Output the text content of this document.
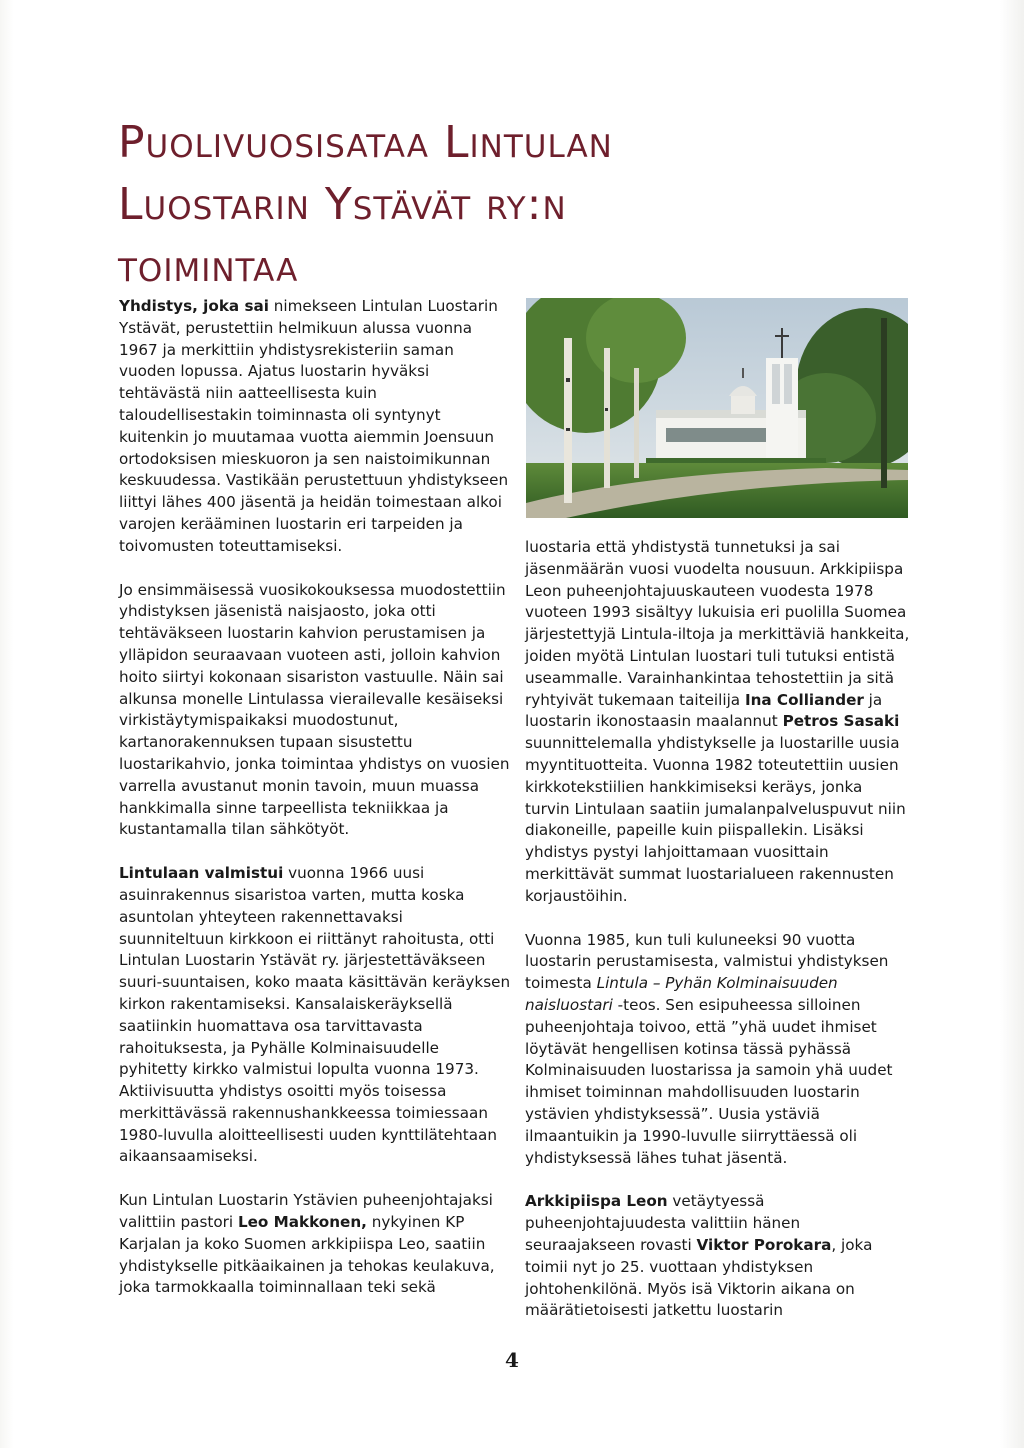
Puolivuosisataa Lintulan
Luostarin Ystävät ry:n
toimintaa

Yhdistys, joka sai nimekseen Lintulan Luostarin Ystävät, perustettiin helmikuun alussa vuonna 1967 ja merkittiin yhdistysrekisteriin saman vuoden lopussa. Ajatus luostarin hyväksi tehtävästä niin aatteellisesta kuin taloudellisestakin toiminnasta oli syntynyt kuitenkin jo muutamaa vuotta aiemmin Joensuun ortodoksisen mieskuoron ja sen naistoimikunnan keskuudessa. Vastikään perustettuun yhdistykseen liittyi lähes 400 jäsentä ja heidän toimestaan alkoi varojen kerääminen luostarin eri tarpeiden ja toivomusten toteuttamiseksi.

Jo ensimmäisessä vuosikokouksessa muodostettiin yhdistyksen jäsenistä naisjaosto, joka otti tehtäväkseen luostarin kahvion perustamisen ja ylläpidon seuraavaan vuoteen asti, jolloin kahvion hoito siirtyi kokonaan sisariston vastuulle. Näin sai alkunsa monelle Lintulassa vierailevalle kesäiseksi virkistäytymispaikaksi muodostunut, kartanorakennuksen tupaan sisustettu luostarikahvio, jonka toimintaa yhdistys on vuosien varrella avustanut monin tavoin, muun muassa hankkimalla sinne tarpeellista tekniikkaa ja kustantamalla tilan sähkötyöt.

Lintulaan valmistui vuonna 1966 uusi asuinrakennus sisaristoa varten, mutta koska asuntolan yhteyteen rakennettavaksi suunniteltuun kirkkoon ei riittänyt rahoitusta, otti Lintulan Luostarin Ystävät ry. järjestettäväkseen suuri-suuntaisen, koko maata käsittävän keräyksen kirkon rakentamiseksi. Kansalaiskeräyksellä saatiinkin huomattava osa tarvittavasta rahoituksesta, ja Pyhälle Kolminaisuudelle pyhitetty kirkko valmistui lopulta vuonna 1973. Aktiivisuutta yhdistys osoitti myös toisessa merkittävässä rakennushankkeessa toimiessaan 1980-luvulla aloitteellisesti uuden kynttilätehtaan aikaansaamiseksi.

Kun Lintulan Luostarin Ystävien puheenjohtajaksi valittiin pastori Leo Makkonen, nykyinen KP Karjalan ja koko Suomen arkkipiispa Leo, saatiin yhdistykselle pitkäaikainen ja tehokas keulakuva, joka tarmokkaalla toiminnallaan teki sekä

luostaria että yhdistystä tunnetuksi ja sai jäsenmäärän vuosi vuodelta nousuun. Arkkipiispa Leon puheenjohtajuuskauteen vuodesta 1978 vuoteen 1993 sisältyy lukuisia eri puolilla Suomea järjestettyjä Lintula-iltoja ja merkittäviä hankkeita, joiden myötä Lintulan luostari tuli tutuksi entistä useammalle. Varainhankintaa tehostettiin ja sitä ryhtyivät tukemaan taiteilija Ina Colliander ja luostarin ikonostaasin maalannut Petros Sasaki suunnittelemalla yhdistykselle ja luostarille uusia myyntituotteita. Vuonna 1982 toteutettiin uusien kirkkotekstiilien hankkimiseksi keräys, jonka turvin Lintulaan saatiin jumalanpalveluspuvut niin diakoneille, papeille kuin piispallekin. Lisäksi yhdistys pystyi lahjoittamaan vuosittain merkittävät summat luostarialueen rakennusten korjaustöihin.

Vuonna 1985, kun tuli kuluneeksi 90 vuotta luostarin perustamisesta, valmistui yhdistyksen toimesta Lintula – Pyhän Kolminaisuuden naisluostari -teos. Sen esipuheessa silloinen puheenjohtaja toivoo, että ”yhä uudet ihmiset löytävät hengellisen kotinsa tässä pyhässä Kolminaisuuden luostarissa ja samoin yhä uudet ihmiset toiminnan mahdollisuuden luostarin ystävien yhdistyksessä”. Uusia ystäviä ilmaantuikin ja 1990-luvulle siirryttäessä oli yhdistyksessä lähes tuhat jäsentä.

Arkkipiispa Leon vetäytyessä puheenjohtajuudesta valittiin hänen seuraajakseen rovasti Viktor Porokara, joka toimii nyt jo 25. vuottaan yhdistyksen johtohenkilönä. Myös isä Viktorin aikana on määrätietoisesti jatkettu luostarin

4
